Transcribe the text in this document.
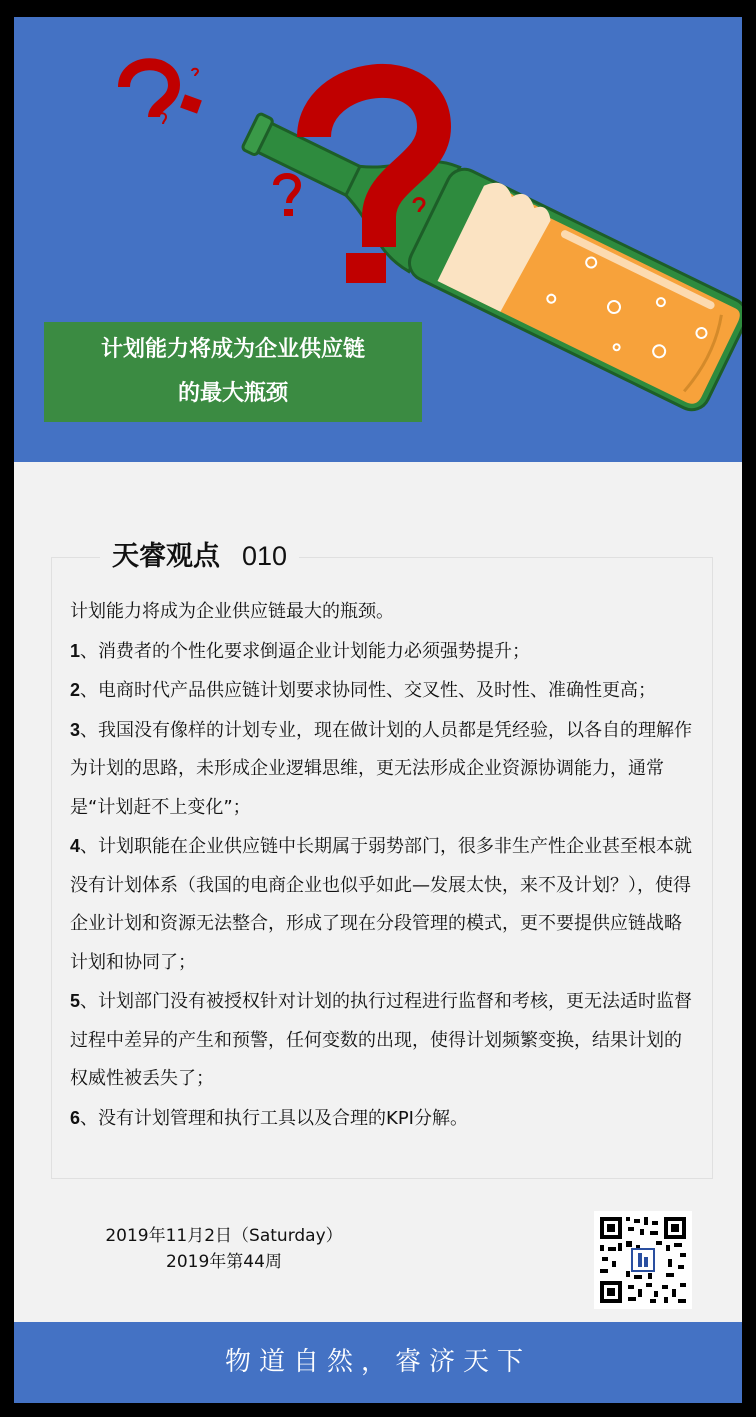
计划能力将成为企业供应链
的最大瓶颈
天睿观点 010

计划能力将成为企业供应链最大的瓶颈。

1、消费者的个性化要求倒逼企业计划能力必须强势提升；

2、电商时代产品供应链计划要求协同性、交叉性、及时性、准确性更高；

3、我国没有像样的计划专业，现在做计划的人员都是凭经验，以各自的理解作为计划的思路，未形成企业逻辑思维，更无法形成企业资源协调能力，通常是“计划赶不上变化”；

4、计划职能在企业供应链中长期属于弱势部门，很多非生产性企业甚至根本就没有计划体系（我国的电商企业也似乎如此—发展太快，来不及计划？），使得企业计划和资源无法整合，形成了现在分段管理的模式，更不要提供应链战略计划和协同了；

5、计划部门没有被授权针对计划的执行过程进行监督和考核，更无法适时监督过程中差异的产生和预警，任何变数的出现，使得计划频繁变换，结果计划的权威性被丢失了；

6、没有计划管理和执行工具以及合理的KPI分解。

2019年11月2日（Saturday）
2019年第44周
物道自然，睿济天下
